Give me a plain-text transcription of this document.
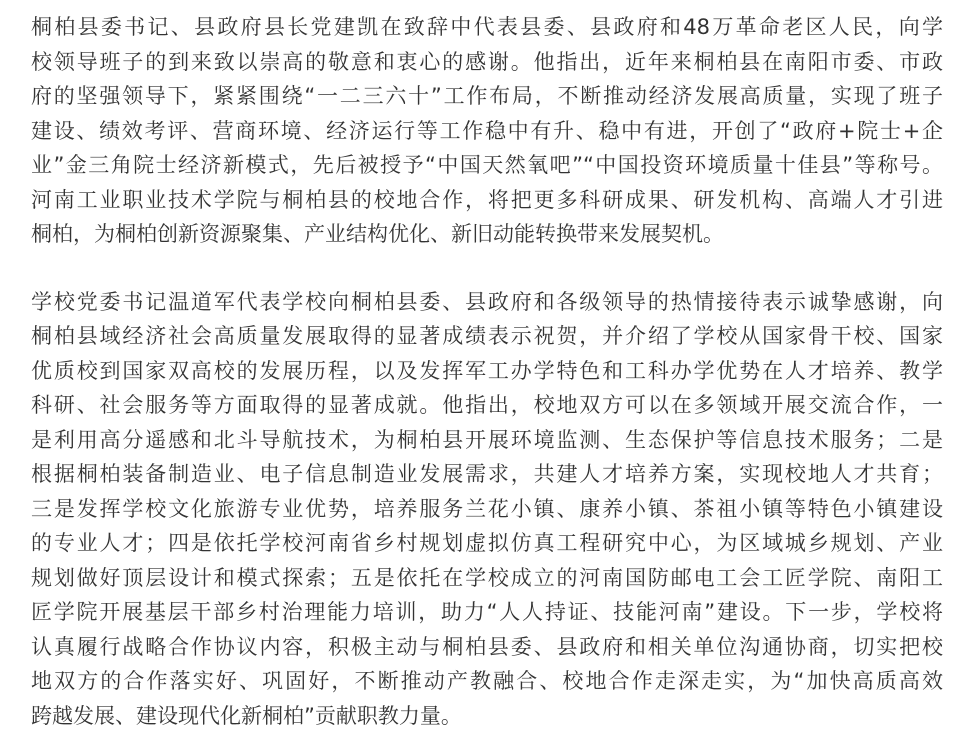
桐柏县委书记、县政府县长党建凯在致辞中代表县委、县政府和48万革命老区人民，向学
校领导班子的到来致以崇高的敬意和衷心的感谢。他指出，近年来桐柏县在南阳市委、市政
府的坚强领导下，紧紧围绕“一二三六十”工作布局，不断推动经济发展高质量，实现了班子
建设、绩效考评、营商环境、经济运行等工作稳中有升、稳中有进，开创了“政府+院士+企
业”金三角院士经济新模式，先后被授予“中国天然氧吧”“中国投资环境质量十佳县”等称号。
河南工业职业技术学院与桐柏县的校地合作，将把更多科研成果、研发机构、高端人才引进
桐柏，为桐柏创新资源聚集、产业结构优化、新旧动能转换带来发展契机。

学校党委书记温道军代表学校向桐柏县委、县政府和各级领导的热情接待表示诚挚感谢，向
桐柏县域经济社会高质量发展取得的显著成绩表示祝贺，并介绍了学校从国家骨干校、国家
优质校到国家双高校的发展历程，以及发挥军工办学特色和工科办学优势在人才培养、教学
科研、社会服务等方面取得的显著成就。他指出，校地双方可以在多领域开展交流合作，一
是利用高分遥感和北斗导航技术，为桐柏县开展环境监测、生态保护等信息技术服务；二是
根据桐柏装备制造业、电子信息制造业发展需求，共建人才培养方案，实现校地人才共育；
三是发挥学校文化旅游专业优势，培养服务兰花小镇、康养小镇、茶祖小镇等特色小镇建设
的专业人才；四是依托学校河南省乡村规划虚拟仿真工程研究中心，为区域城乡规划、产业
规划做好顶层设计和模式探索；五是依托在学校成立的河南国防邮电工会工匠学院、南阳工
匠学院开展基层干部乡村治理能力培训，助力“人人持证、技能河南”建设。下一步，学校将
认真履行战略合作协议内容，积极主动与桐柏县委、县政府和相关单位沟通协商，切实把校
地双方的合作落实好、巩固好，不断推动产教融合、校地合作走深走实，为“加快高质高效
跨越发展、建设现代化新桐柏”贡献职教力量。
